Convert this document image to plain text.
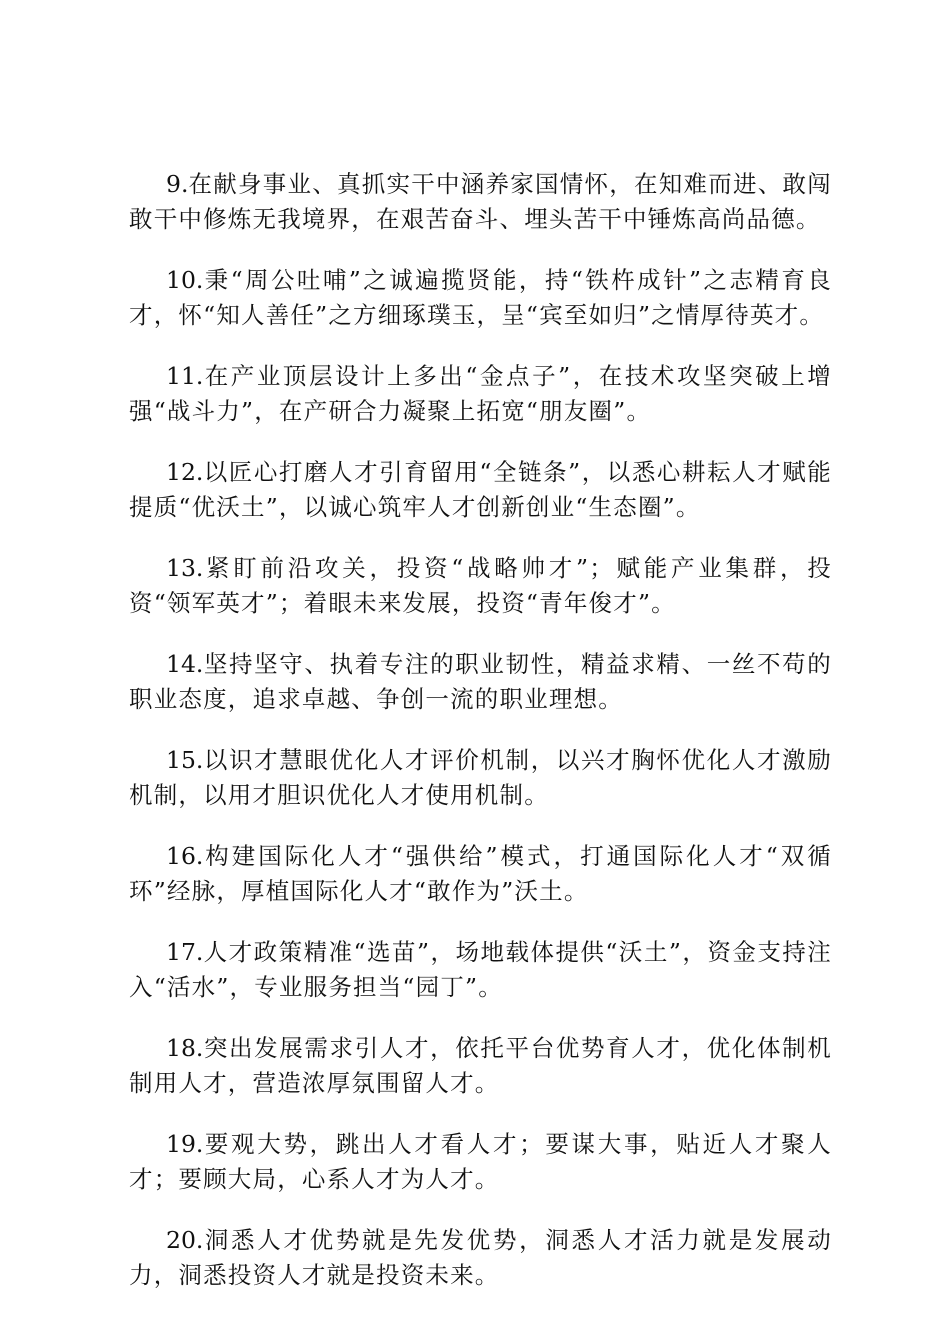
9.在献身事业、真抓实干中涵养家国情怀，在知难而进、敢闯敢干中修炼无我境界，在艰苦奋斗、埋头苦干中锤炼高尚品德。

10.秉“周公吐哺”之诚遍揽贤能，持“铁杵成针”之志精育良才，怀“知人善任”之方细琢璞玉，呈“宾至如归”之情厚待英才。

11.在产业顶层设计上多出“金点子”，在技术攻坚突破上增强“战斗力”，在产研合力凝聚上拓宽“朋友圈”。

12.以匠心打磨人才引育留用“全链条”，以悉心耕耘人才赋能提质“优沃土”，以诚心筑牢人才创新创业“生态圈”。

13.紧盯前沿攻关，投资“战略帅才”；赋能产业集群，投资“领军英才”；着眼未来发展，投资“青年俊才”。

14.坚持坚守、执着专注的职业韧性，精益求精、一丝不苟的职业态度，追求卓越、争创一流的职业理想。

15.以识才慧眼优化人才评价机制，以兴才胸怀优化人才激励机制，以用才胆识优化人才使用机制。

16.构建国际化人才“强供给”模式，打通国际化人才“双循环”经脉，厚植国际化人才“敢作为”沃土。

17.人才政策精准“选苗”，场地载体提供“沃土”，资金支持注入“活水”，专业服务担当“园丁”。

18.突出发展需求引人才，依托平台优势育人才，优化体制机制用人才，营造浓厚氛围留人才。

19.要观大势，跳出人才看人才；要谋大事，贴近人才聚人才；要顾大局，心系人才为人才。

20.洞悉人才优势就是先发优势，洞悉人才活力就是发展动力，洞悉投资人才就是投资未来。
